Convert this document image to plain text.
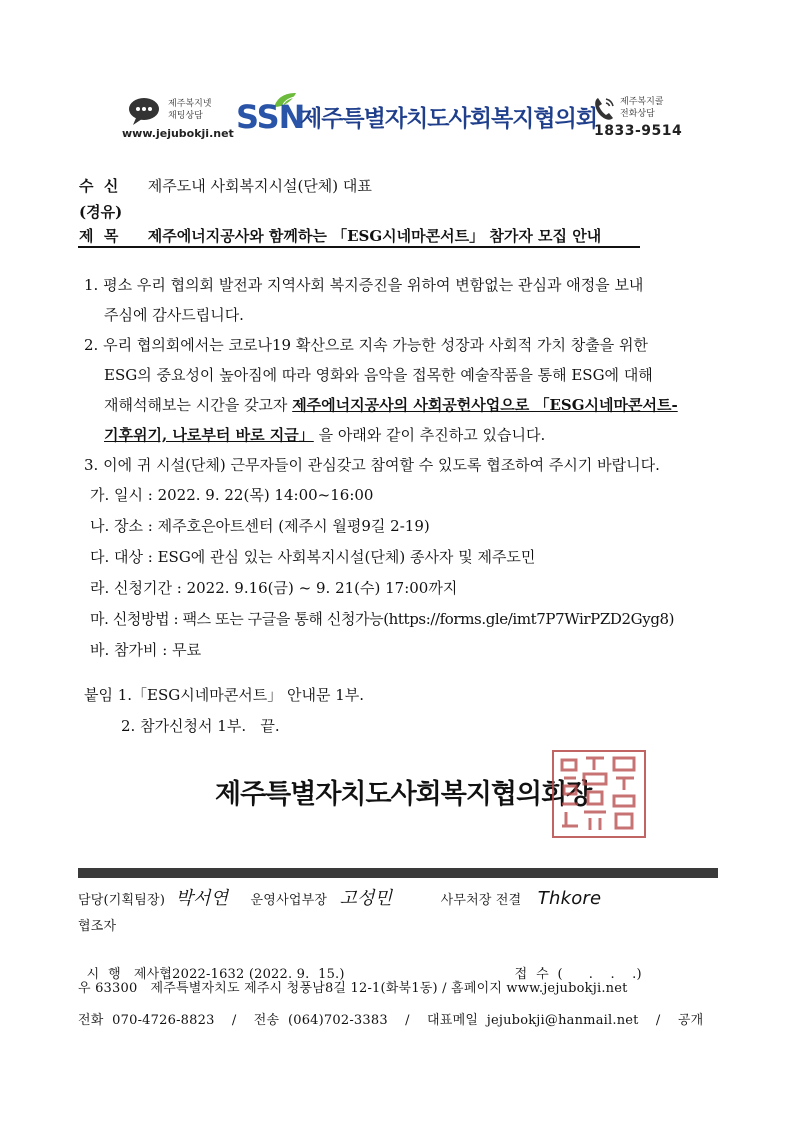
제주복지넷
채팅상담
www.jejubokji.net SSN
제주특별자치도사회복지협의회
제주복지콜
전화상담
1833-9514
수  신 제주도내 사회복지시설(단체) 대표
(경유)
제  목 제주에너지공사와 함께하는 「ESG시네마콘서트」 참가자 모집 안내
1. 평소 우리 협의회 발전과 지역사회 복지증진을 위하여 변함없는 관심과 애정을 보내
주심에 감사드립니다.
2. 우리 협의회에서는 코로나19 확산으로 지속 가능한 성장과 사회적 가치 창출을 위한
ESG의 중요성이 높아짐에 따라 영화와 음악을 접목한 예술작품을 통해 ESG에 대해
재해석해보는 시간을 갖고자 제주에너지공사의 사회공헌사업으로 「ESG시네마콘서트-
기후위기, 나로부터 바로 지금」 을 아래와 같이 추진하고 있습니다.
3. 이에 귀 시설(단체) 근무자들이 관심갖고 참여할 수 있도록 협조하여 주시기 바랍니다.
가. 일시 : 2022. 9. 22(목) 14:00~16:00
나. 장소 : 제주호은아트센터 (제주시 월평9길 2-19)
다. 대상 : ESG에 관심 있는 사회복지시설(단체) 종사자 및 제주도민
라. 신청기간 : 2022. 9.16(금) ~ 9. 21(수) 17:00까지
마. 신청방법 : 팩스 또는 구글을 통해 신청가능(https://forms.gle/imt7P7WirPZD2Gyg8)
바. 참가비 : 무료
붙임 1.「ESG시네마콘서트」 안내문 1부.
2. 참가신청서 1부.   끝.
제주특별자치도사회복지협의회장
담당(기획팀장) 박서연 운영사업부장 고성민	사무처장 전결 Thkore
협조자

시  행 제사협2022-1632 (2022. 9.  15.)	접  수 (      .    .    .)

우 63300   제주특별자치도 제주시 청풍남8길 12-1(화북1동) / 홈페이지 www.jejubokji.net
전화  070-4726-8823    /    전송  (064)702-3383    /    대표메일  jejubokji@hanmail.net    /    공개
